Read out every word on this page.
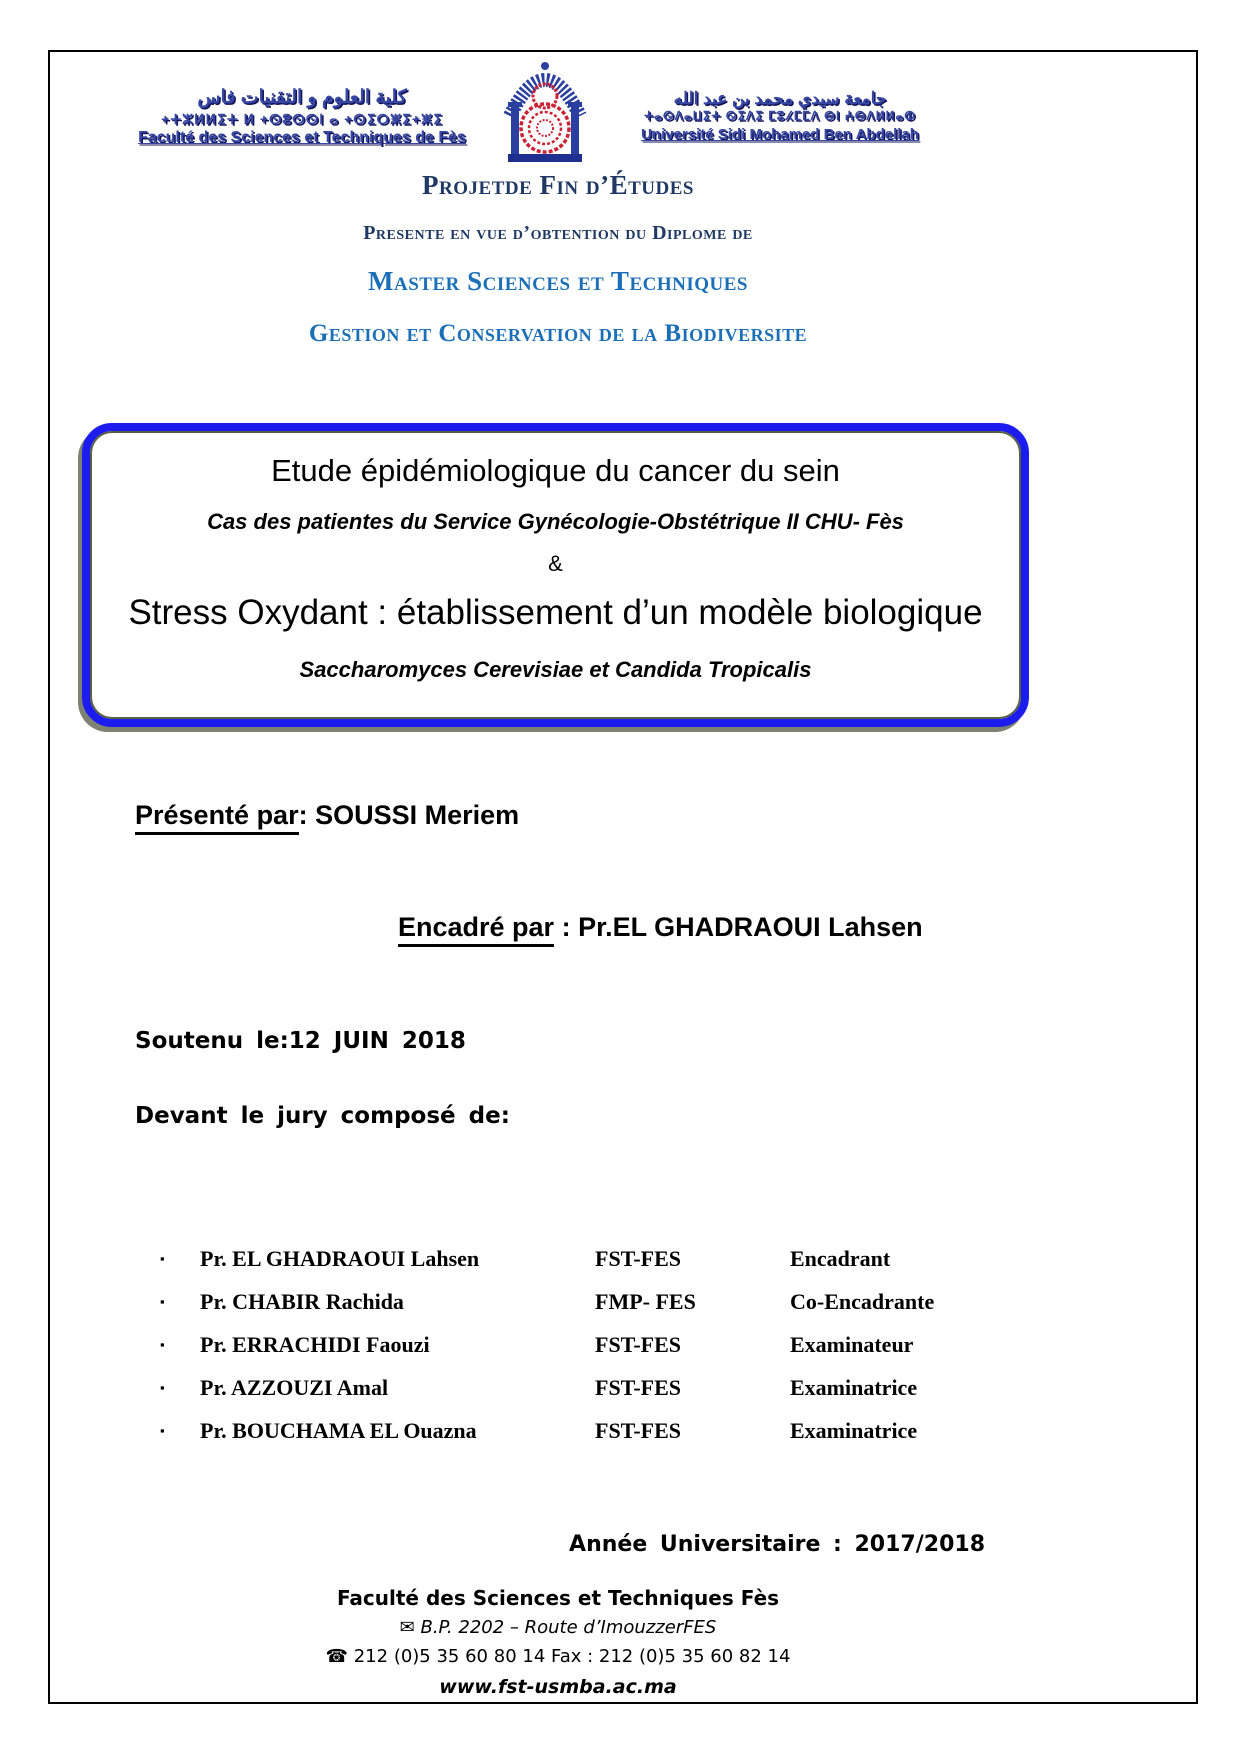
كلية العلوم و التقنيات فاس
+ⵜⵣⵍⵍⵉⵜ ⵍ +ⵙⵓⵙⵙⵏ ⴰ +ⵙⵉⵔⵥⵉ+ⵥⵉ
Faculté des Sciences et Techniques de Fès
جامعة سيدي محمد بن عبد الله
ⵜⴰⵙⴷⴰⵡⵉⵜ ⵙⵉⴷⵉ ⵎⵓⵃⵎⵎⴷ ⴱⵏ ⵄⴱⴷⵍⵍⴰⵀ
Université Sidi Mohamed Ben Abdellah
Projetde Fin d’Études
Presente en vue d’obtention du Diplome de
Master Sciences et Techniques
Gestion et Conservation de la Biodiversite
Etude épidémiologique du cancer du sein
Cas des patientes du Service Gynécologie-Obstétrique II CHU- Fès
&
Stress Oxydant : établissement d’un modèle biologique
Saccharomyces Cerevisiae et Candida Tropicalis
Présenté par: SOUSSI Meriem
Encadré par : Pr.EL GHADRAOUI Lahsen
Soutenu le:12 JUIN 2018
Devant le jury composé de:
▪	Pr. EL GHADRAOUI Lahsen	FST-FES	Encadrant
▪	Pr. CHABIR Rachida	FMP- FES	Co-Encadrante
▪	Pr. ERRACHIDI Faouzi	FST-FES	Examinateur
▪	Pr. AZZOUZI Amal	FST-FES	Examinatrice
▪	Pr. BOUCHAMA EL Ouazna	FST-FES	Examinatrice
Année Universitaire : 2017/2018
Faculté des Sciences et Techniques Fès
✉ B.P. 2202 – Route d’ImouzzerFES
☎ 212 (0)5 35 60 80 14 Fax : 212 (0)5 35 60 82 14
www.fst-usmba.ac.ma
